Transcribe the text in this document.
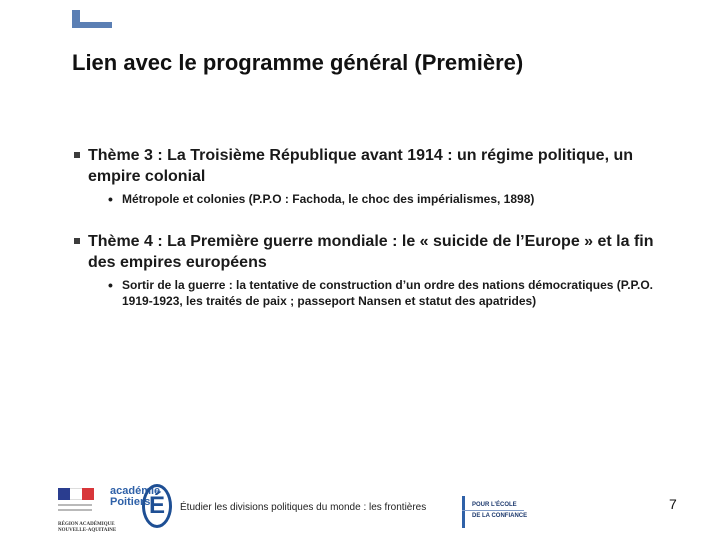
Lien avec le programme général (Première)
Thème 3 : La Troisième République avant 1914 : un régime politique, un empire colonial
• Métropole et colonies (P.P.O : Fachoda, le choc des impérialismes, 1898)
Thème 4 : La Première guerre mondiale : le « suicide de l’Europe » et la fin des empires européens
• Sortir de la guerre : la tentative de construction d’un ordre des nations démocratiques (P.P.O. 1919-1923, les traités de paix ; passeport Nansen et statut des apatrides)
RÉGION ACADÉMIQUE
NOUVELLE-AQUITAINE
académie
Poitiers
É	Étudier les divisions politiques du monde : les frontières	POUR L’ÉCOLE
DE LA CONFIANCE
7
